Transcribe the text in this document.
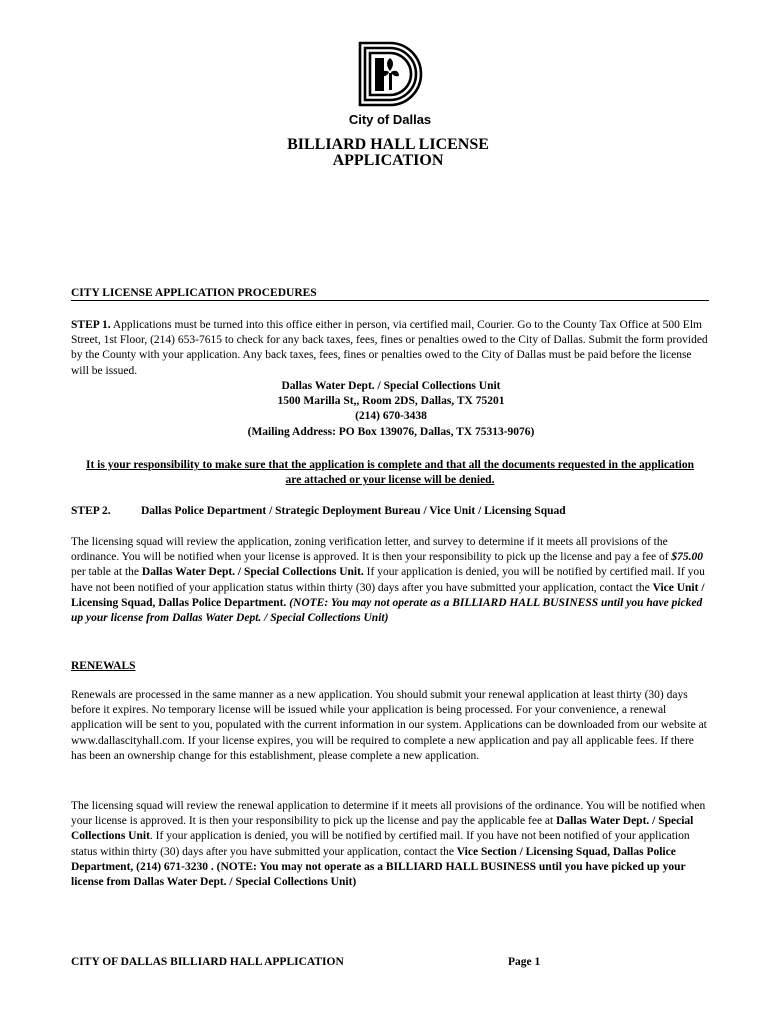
City of Dallas
BILLIARD HALL LICENSE
APPLICATION
CITY LICENSE APPLICATION PROCEDURES
STEP 1. Applications must be turned into this office either in person, via certified mail, Courier. Go to the County Tax Office at 500 Elm Street, 1st Floor, (214) 653-7615 to check for any back taxes, fees, fines or penalties owed to the City of Dallas. Submit the form provided by the County with your application. Any back taxes, fees, fines or penalties owed to the City of Dallas must be paid before the license will be issued.
Dallas Water Dept. / Special Collections Unit
1500 Marilla St,, Room 2DS, Dallas, TX 75201
(214) 670-3438
(Mailing Address: PO Box 139076, Dallas, TX 75313-9076)
It is your responsibility to make sure that the application is complete and that all the documents requested in the application are attached or your license will be denied.
STEP 2.	Dallas Police Department / Strategic Deployment Bureau / Vice Unit / Licensing Squad
The licensing squad will review the application, zoning verification letter, and survey to determine if it meets all provisions of the ordinance. You will be notified when your license is approved. It is then your responsibility to pick up the license and pay a fee of $75.00 per table at the Dallas Water Dept. / Special Collections Unit. If your application is denied, you will be notified by certified mail. If you have not been notified of your application status within thirty (30) days after you have submitted your application, contact the Vice Unit / Licensing Squad, Dallas Police Department. (NOTE: You may not operate as a BILLIARD HALL BUSINESS until you have picked up your license from Dallas Water Dept. / Special Collections Unit)
RENEWALS
Renewals are processed in the same manner as a new application. You should submit your renewal application at least thirty (30) days before it expires. No temporary license will be issued while your application is being processed. For your convenience, a renewal application will be sent to you, populated with the current information in our system. Applications can be downloaded from our website at www.dallascityhall.com. If your license expires, you will be required to complete a new application and pay all applicable fees. If there has been an ownership change for this establishment, please complete a new application.
The licensing squad will review the renewal application to determine if it meets all provisions of the ordinance. You will be notified when your license is approved. It is then your responsibility to pick up the license and pay the applicable fee at Dallas Water Dept. / Special Collections Unit. If your application is denied, you will be notified by certified mail. If you have not been notified of your application status within thirty (30) days after you have submitted your application, contact the Vice Section / Licensing Squad, Dallas Police Department, (214) 671-3230 . (NOTE: You may not operate as a BILLIARD HALL BUSINESS until you have picked up your license from Dallas Water Dept. / Special Collections Unit)
CITY OF DALLAS BILLIARD HALL APPLICATION	Page 1
